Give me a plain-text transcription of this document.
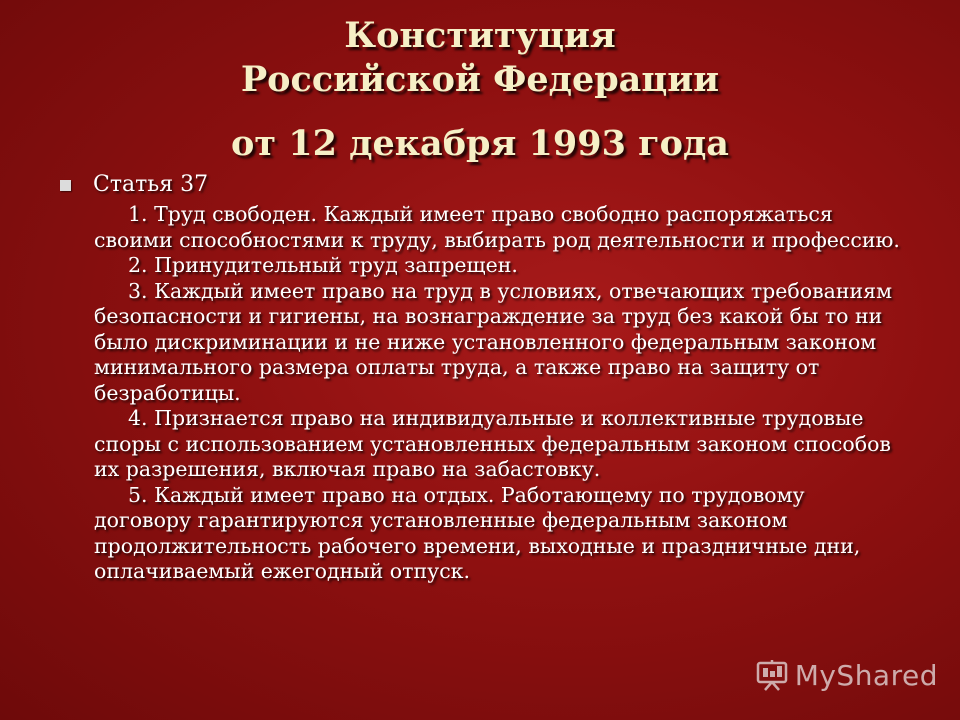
Конституция
Российской Федерации
от 12 декабря 1993 года
Статья 37

1. Труд свободен. Каждый имеет право свободно распоряжаться своими способностями к труду, выбирать род деятельности и профессию.

2. Принудительный труд запрещен.

3. Каждый имеет право на труд в условиях, отвечающих требованиям безопасности и гигиены, на вознаграждение за труд без какой бы то ни было дискриминации и не ниже установленного федеральным законом минимального размера оплаты труда, а также право на защиту от безработицы.

4. Признается право на индивидуальные и коллективные трудовые споры с использованием установленных федеральным законом способов их разрешения, включая право на забастовку.

5. Каждый имеет право на отдых. Работающему по трудовому договору гарантируются установленные федеральным законом продолжительность рабочего времени, выходные и праздничные дни, оплачиваемый ежегодный отпуск.

MyShared
